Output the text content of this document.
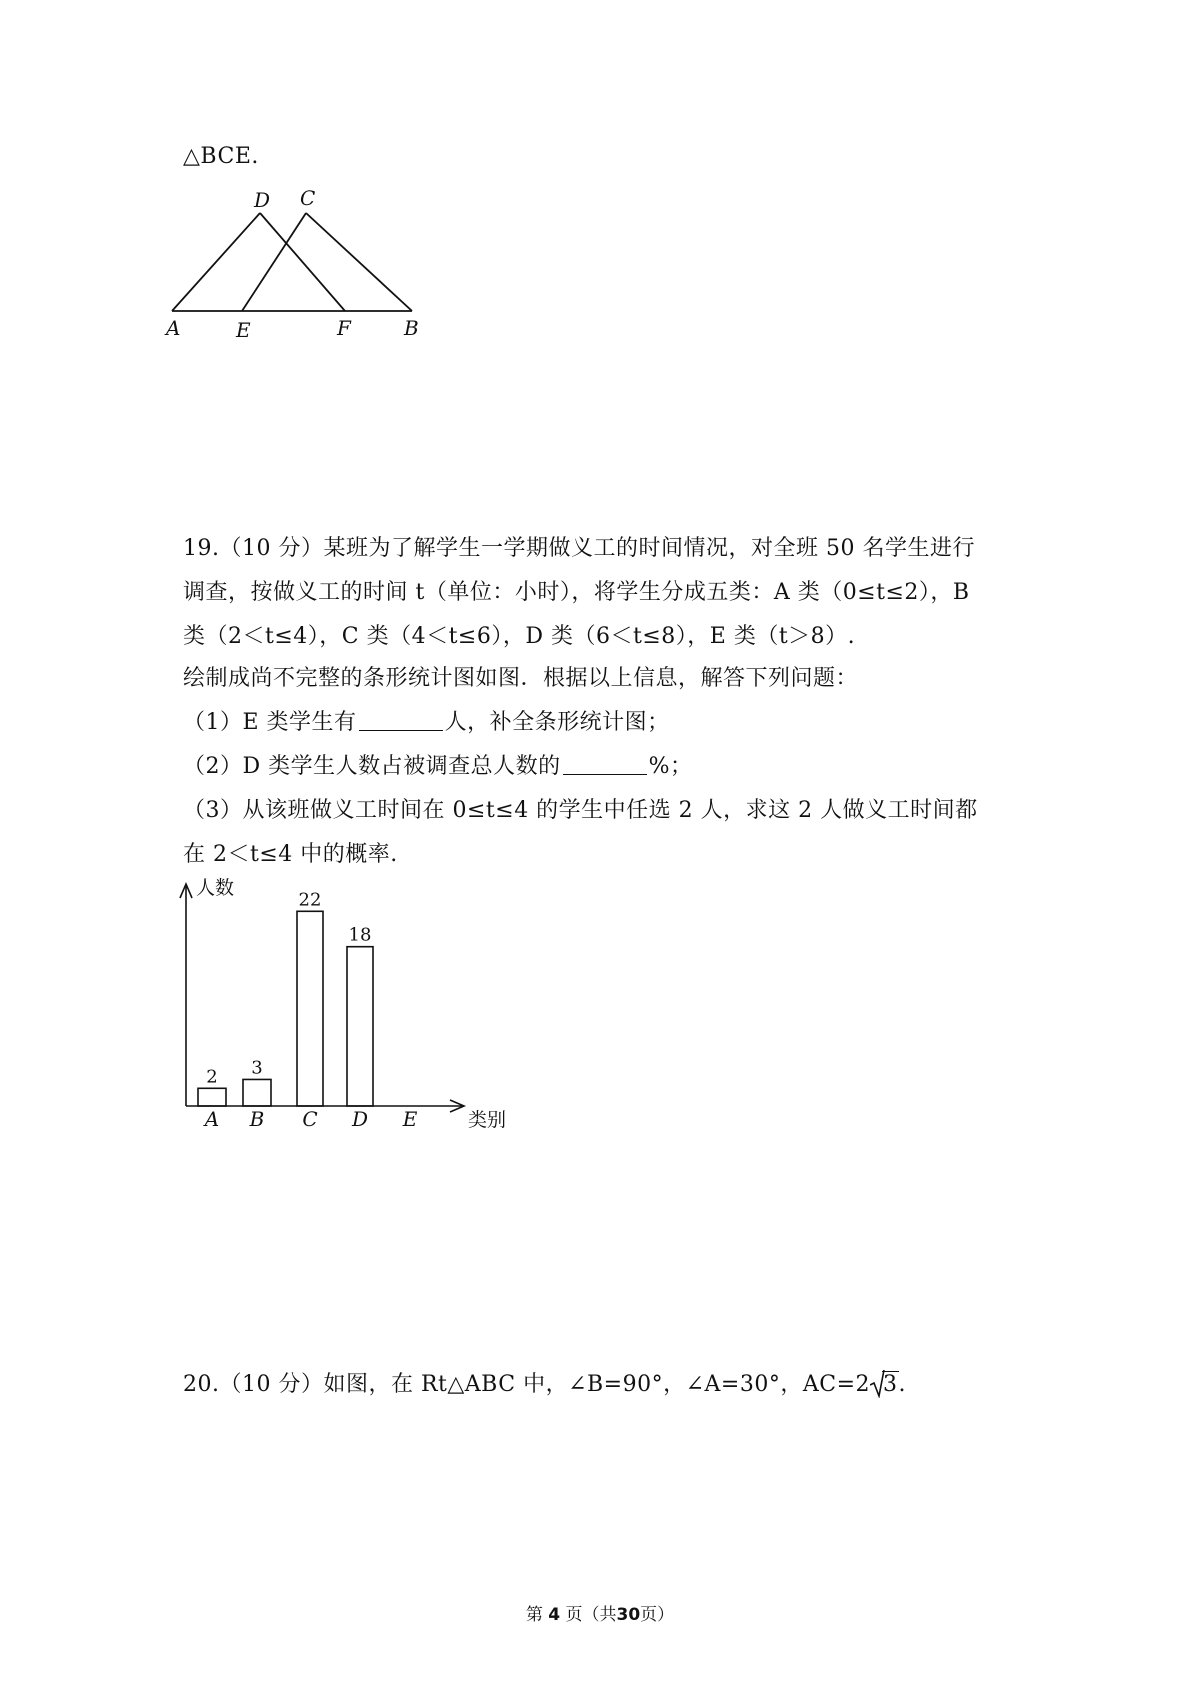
△BCE.
D C
A	E	F	B
19.（10 分）某班为了解学生一学期做义工的时间情况，对全班 50 名学生进行
调查，按做义工的时间 t（单位：小时），将学生分成五类：A 类（0≤t≤2），B
类（2＜t≤4），C 类（4＜t≤6），D 类（6＜t≤8），E 类（t＞8）.
绘制成尚不完整的条形统计图如图．根据以上信息，解答下列问题：
（1）E 类学生有	人，补全条形统计图；
（2）D 类学生人数占被调查总人数的	%；
（3）从该班做义工时间在 0≤t≤4 的学生中任选 2 人，求这 2 人做义工时间都
在 2＜t≤4 中的概率.
人数
类别
2
A
3
B
22
C
18
D E
20.（10 分）如图，在 Rt△ABC 中，∠B=90°，∠A=30°，AC=2 3.
第 4 页（共30页）
